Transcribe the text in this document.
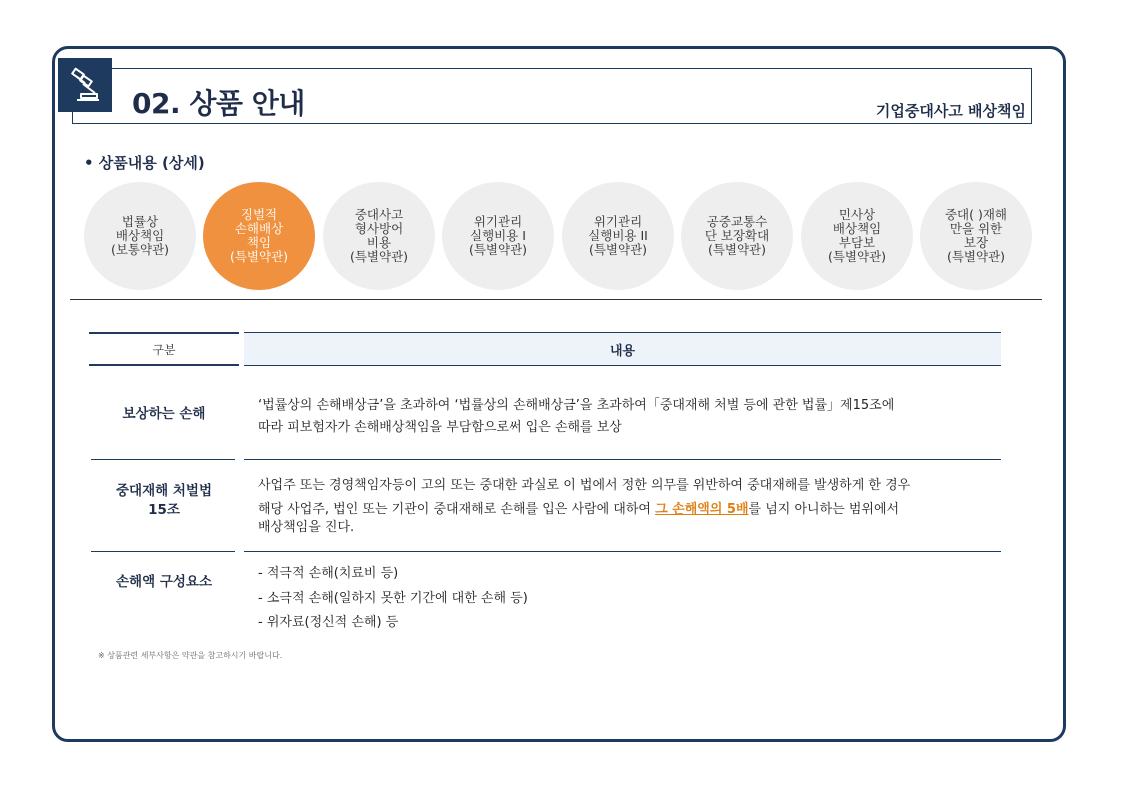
02. 상품 안내	기업중대사고 배상책임
• 상품내용 (상세)
법률상
배상책임
(보통약관)
징벌적
손해배상
책임
(특별약관)
중대사고
형사방어
비용
(특별약관)
위기관리
실행비용 I
(특별약관)
위기관리
실행비용 II
(특별약관)
공중교통수
단 보장확대
(특별약관)
민사상
배상책임
부담보
(특별약관)
중대( )재해
만을 위한
보장
(특별약관)
구분	내용
보상하는 손해
‘법률상의 손해배상금’을 초과하여 ‘법률상의 손해배상금’을 초과하여「중대재해 처벌 등에 관한 법률」제15조에
따라 피보험자가 손해배상책임을 부담함으로써 입은 손해를 보상
중대재해 처벌법
15조
사업주 또는 경영책임자등이 고의 또는 중대한 과실로 이 법에서 정한 의무를 위반하여 중대재해를 발생하게 한 경우
해당 사업주, 법인 또는 기관이 중대재해로 손해를 입은 사람에 대하여 그 손해액의 5배를 넘지 아니하는 범위에서
배상책임을 진다.
손해액 구성요소
- 적극적 손해(치료비 등)
- 소극적 손해(일하지 못한 기간에 대한 손해 등)
- 위자료(정신적 손해) 등
※ 상품관련 세부사항은 약관을 참고하시기 바랍니다.
